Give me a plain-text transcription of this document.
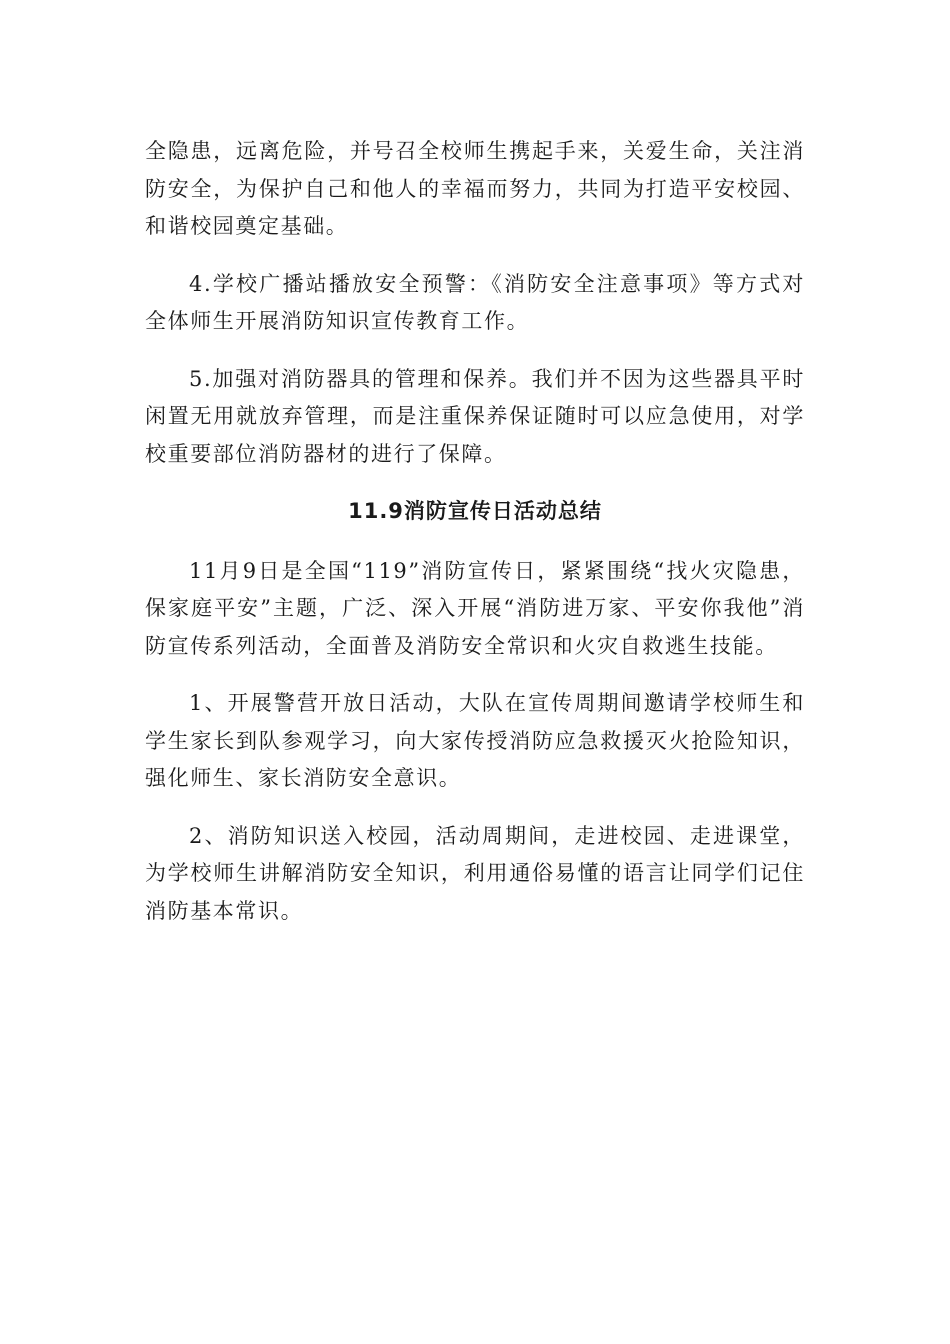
全隐患，远离危险，并号召全校师生携起手来，关爱生命，关注消防安全，为保护自己和他人的幸福而努力，共同为打造平安校园、和谐校园奠定基础。

4.学校广播站播放安全预警：《消防安全注意事项》等方式对全体师生开展消防知识宣传教育工作。

5.加强对消防器具的管理和保养。我们并不因为这些器具平时闲置无用就放弃管理，而是注重保养保证随时可以应急使用，对学校重要部位消防器材的进行了保障。

11.9消防宣传日活动总结

11月9日是全国“119”消防宣传日，紧紧围绕“找火灾隐患，保家庭平安”主题，广泛、深入开展“消防进万家、平安你我他”消防宣传系列活动，全面普及消防安全常识和火灾自救逃生技能。

1、开展警营开放日活动，大队在宣传周期间邀请学校师生和学生家长到队参观学习，向大家传授消防应急救援灭火抢险知识，强化师生、家长消防安全意识。

2、消防知识送入校园，活动周期间，走进校园、走进课堂，为学校师生讲解消防安全知识，利用通俗易懂的语言让同学们记住消防基本常识。
